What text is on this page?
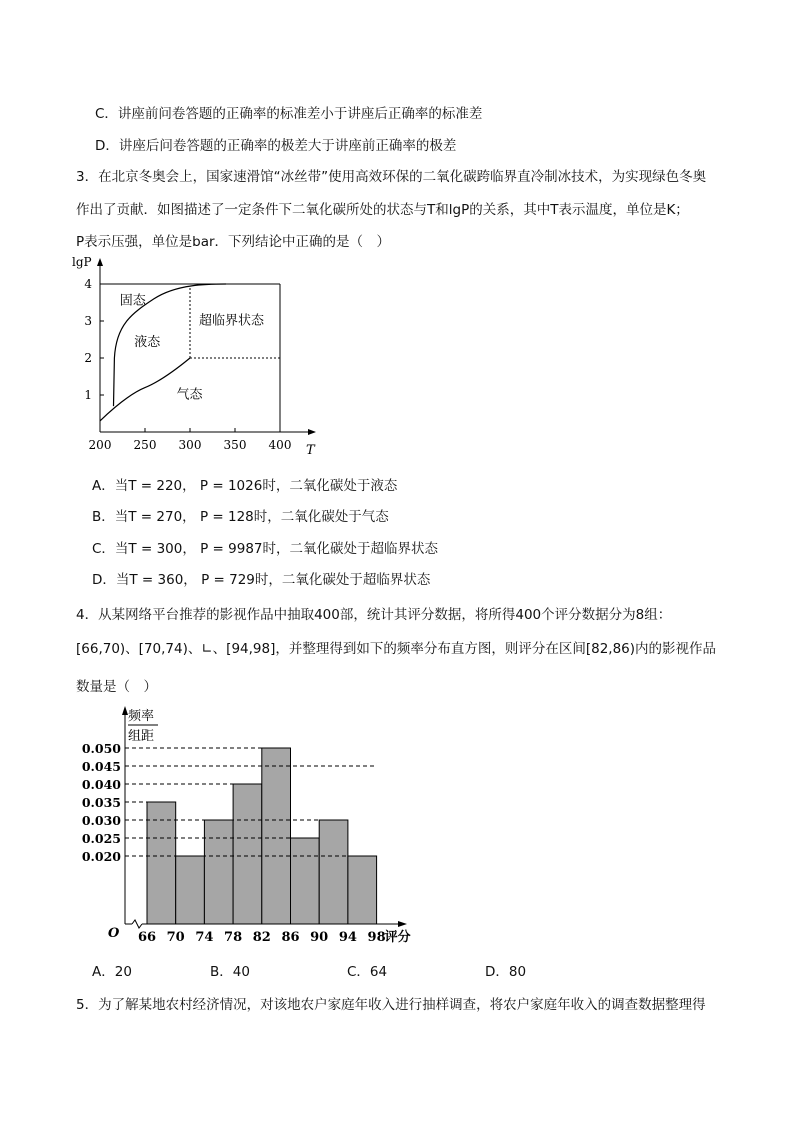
C．讲座前问卷答题的正确率的标准差小于讲座后正确率的标准差
D．讲座后问卷答题的正确率的极差大于讲座前正确率的极差
3．在北京冬奥会上，国家速滑馆“冰丝带”使用高效环保的二氧化碳跨临界直冷制冰技术，为实现绿色冬奥
作出了贡献．如图描述了一定条件下二氧化碳所处的状态与T和lgP的关系，其中T表示温度，单位是K；
P表示压强，单位是bar．下列结论中正确的是（　）
lgP
T
200 250 300 350 400
1
2
3
4
固态
液态
超临界状态
气态
A．当T = 220， P = 1026时，二氧化碳处于液态
B．当T = 270， P = 128时，二氧化碳处于气态
C．当T = 300， P = 9987时，二氧化碳处于超临界状态
D．当T = 360， P = 729时，二氧化碳处于超临界状态
4．从某网络平台推荐的影视作品中抽取400部，统计其评分数据，将所得400个评分数据分为8组：
[66,70)、[70,74)、∟、[94,98]，并整理得到如下的频率分布直方图，则评分在区间[82,86)内的影视作品
数量是（　）
频率
组距
O	评分
0.050
0.045
0.040
0.035
0.030
0.025
0.020
66 70 74 78 82 86 90 94 98
A．20	B．40	C．64	D．80
5．为了解某地农村经济情况，对该地农户家庭年收入进行抽样调查，将农户家庭年收入的调查数据整理得
